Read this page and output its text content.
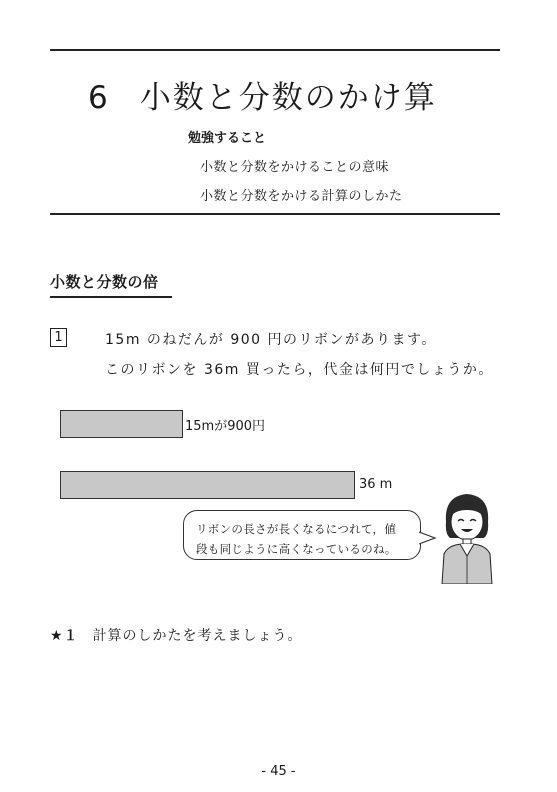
6 小数と分数のかけ算
勉強すること
小数と分数をかけることの意味
小数と分数をかける計算のしかた
小数と分数の倍
1	15m のねだんが 900 円のリボンがあります。
このリボンを 36m 買ったら，代金は何円でしょうか。
15mが900円
36 m
リボンの長さが長くなるにつれて，値
段も同じように高くなっているのね。
★１ 計算のしかたを考えましょう。
- 45 -
